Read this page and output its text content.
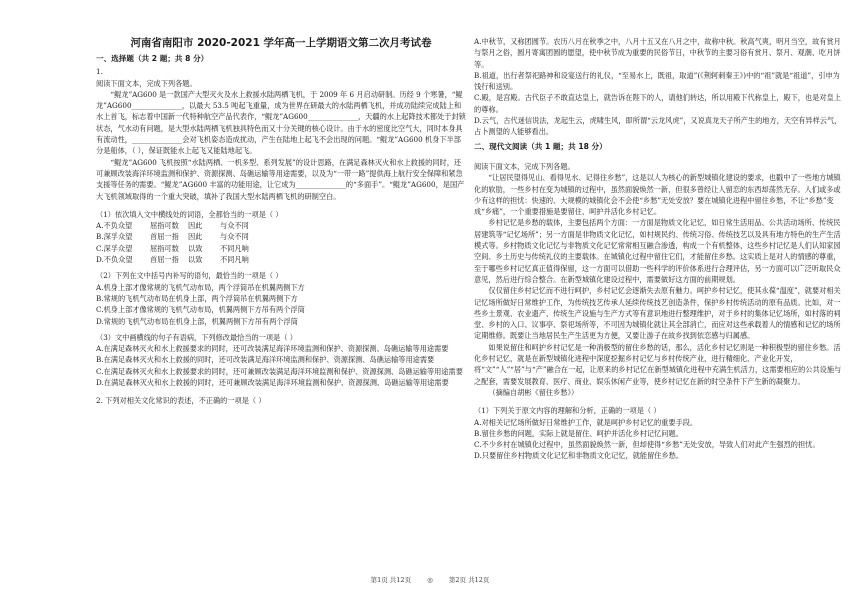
河南省南阳市 2020-2021 学年高一上学期语文第二次月考试卷

一、选择题（共 2 题；共 8 分）

1.

阅读下面文本，完成下列各题。

“鲲龙”AG600 是一款国产大型灭火及水上救援水陆两栖飞机，于 2009 年 6 月启动研制。历经 9 个寒暑，“鲲龙”AG600______________，以最大 53.5 吨起飞重量，成为世界在研最大的水陆两栖飞机，并成功陆续完成陆上和水上首飞，标志着中国新一代特种航空产品代表作，“鲲龙”AG600______________，天疆的水上起降技术都处于封锁状态，气水动有问题，是大型水陆两栖飞机独具特色而又十分关键的核心设计。由于水的密度比空气大，同时本身具有流动性，______________会对飞机姿态造成扰动，产生在陆地上起飞不会出现的问题。“鲲龙”AG600 机身下半部分是船体，（ ），保证既能水上起飞又能陆地起飞。

“鲲龙”AG600 飞机按照“水陆两栖、一机多型、系列发展”的设计思路，在满足森林灭火和水上救援的同时，还可兼顾改装海洋环境监测和保护、资源探测、岛礁运输等用途需要，以及为“一带一路”提供海上航行安全保障和紧急支援等任务的需要。“鲲龙”AG600 丰富的功能用途，让它成为______________的“多面手”。“鲲龙”AG600，是国产大飞机领域取得的一个重大突破，填补了我国大型水陆两栖飞机的研制空白。

（1）依次填入文中横线处的词语，全都恰当的一项是（ ）

A.不负众望	屈指可数	因此	与众不同
B.深孚众望	首屈一指	因此	与众不同
C.深孚众望	屈指可数	以致	不同凡响
D.不负众望	首屈一指	以致	不同凡响

（2）下列在文中括号内补写的语句，最恰当的一项是（ ）

A.机身上部才像常规的飞机气动布局，两个浮筒吊在机翼两侧下方

B.常规的飞机气动布局在机身上部，两个浮筒吊在机翼两侧下方

C.机身上部才像常规的飞机气动布局，机翼两侧下方吊有两个浮筒

D.常规的飞机气动布局在机身上部，机翼两侧下方吊有两个浮筒

（3）文中画横线的句子有语病，下列修改最恰当的一项是（ ）

A.在满足森林灭火和水上救援要求的同时，还可改装满足海洋环境监测和保护、资源探测、岛礁运输等用途需要

B.在满足森林灭火和水上救援的同时，还可改装满足海洋环境监测和保护、资源探测、岛礁运输等用途需要

C.在满足森林灭火和水上救援要求的同时，还可兼顾改装满足海洋环境监测和保护、资源探测、岛礁运输等用途需要

D.在满足森林灭火和水上救援的同时，还可兼顾改装满足海洋环境监测和保护、资源探测、岛礁运输等用途需要

2. 下列对相关文化常识的表述，不正确的一项是（ ）

A.中秋节，又称团圆节。农历八月在秋季之中，八月十五又在八月之中，故称中秋。秋高气爽，明月当空，故有赏月与祭月之俗，圆月寄寓团圆的愿望，使中秋节成为重要的民俗节日，中秋节的主要习俗有赏月、祭月、观潮、吃月饼等。

B.祖道，出行者祭祀路神和设宴送行的礼仪，“至易水上，既祖，取道”(《荆轲刺秦王》)中的“祖”就是“祖道”，引申为饯行和送别。

C.殿，是宫殿。古代臣子不敢直达皇上，就告诉在陛下的人，请他们转达，所以用殿下代称皇上，殿下，也是对皇上的尊称。

D.云气，古代迷信说法，龙起生云，虎啸生风，即所谓“云龙风虎”，又说真龙天子所产生的地方，天空有异样云气，占卜测望的人能够看出。

二、现代文阅读（共 1 题；共 18 分）

阅读下面文本，完成下列各题。

“让居民望得见山、看得见水、记得住乡愁”，这是以人为核心的新型城镇化建设的要求，也戳中了一些地方城镇化的软肋，一些乡村在变为城镇的过程中，虽然面貌焕然一新，但很多曾经让人留恋的东西却荡然无存。人们或多或少有这样的担忧：快速的、大规模的城镇化会不会使“乡愁”无处安放？要在城镇化进程中留住乡愁，不让“乡愁”变成“乡痛”，一个重要措施是要留住、呵护并活化乡村记忆。

乡村记忆是乡愁的载体，主要包括两个方面：一方面是物质文化记忆，如日常生活用品、公共活动场所、传统民居建筑等“记忆场所”；另一方面是非物质文化记忆，如村规民约、传统习俗、传统技艺以及具有地方特色的生产生活模式等。乡村物质文化记忆与非物质文化记忆常常相互融合渗透，构成一个有机整体，这些乡村记忆是人们认知家园空间、乡土历史与传统礼仪的主要载体。在城镇化过程中留住它们，才能留住乡愁。这实质上是对人的情感的尊重，至于哪些乡村记忆真正值得保留，这一方面可以借助一些科学的评价体系进行合理评估，另一方面可以广泛听取民众意见，然后进行综合整合。在新型城镇化建设过程中，需要做好这方面的前期规划。

仅仅留住乡村记忆而不进行呵护，乡村记忆会逐渐失去原有魅力。呵护乡村记忆，使其永葆“温度”，就要对相关记忆场所做好日常维护工作，为传统技艺传承人延续传统技艺创造条件，保护乡村传统活动的原有品质。比如，对一些乡土景观、农业遗产、传统生产设施与生产方式等有意识地进行整理维护，对于乡村的集体记忆场所，如村落的祠堂、乡村的入口、议事亭、祭祀场所等，不可因为城镇化就让其全部消亡，而应对这些承载着人的情感和记忆的场所定期维修。既要让当地居民生产生活更为方便，又要让游子在故乡找到依恋感与归属感。

如果说留住和呵护乡村记忆是一种消极型的留住乡愁的话，那么，活化乡村记忆则是一种积极型的留住乡愁。活化乡村记忆，就是在新型城镇化进程中深度挖掘乡村记忆与乡村传统产业，进行精细化、产业化开发，将“文”“人”“居”与“产”融合在一起，让原来的乡村记忆在新型城镇化进程中充满生机活力，这需要相应的公共设施与之配套，需要发展教育、医疗、商业、娱乐休闲产业等，使乡村记忆在新的时空条件下产生新的凝聚力。

（摘编自胡彬《留住乡愁》）

（1）下列关于原文内容的理解和分析，正确的一项是（ ）

A.对相关记忆场所做好日常维护工作，就是呵护乡村记忆的重要手段。

B.留住乡愁的问题，实际上就是留住、呵护并活化乡村记忆问题。

C.不少乡村在城镇化过程中，虽然面貌焕然一新，但却使得“乡愁”无处安放，导致人们对此产生强烈的担忧。

D.只要留住乡村物质文化记忆和非物质文化记忆，就能留住乡愁。

第1页 共12页 ◎ 第2页 共12页
